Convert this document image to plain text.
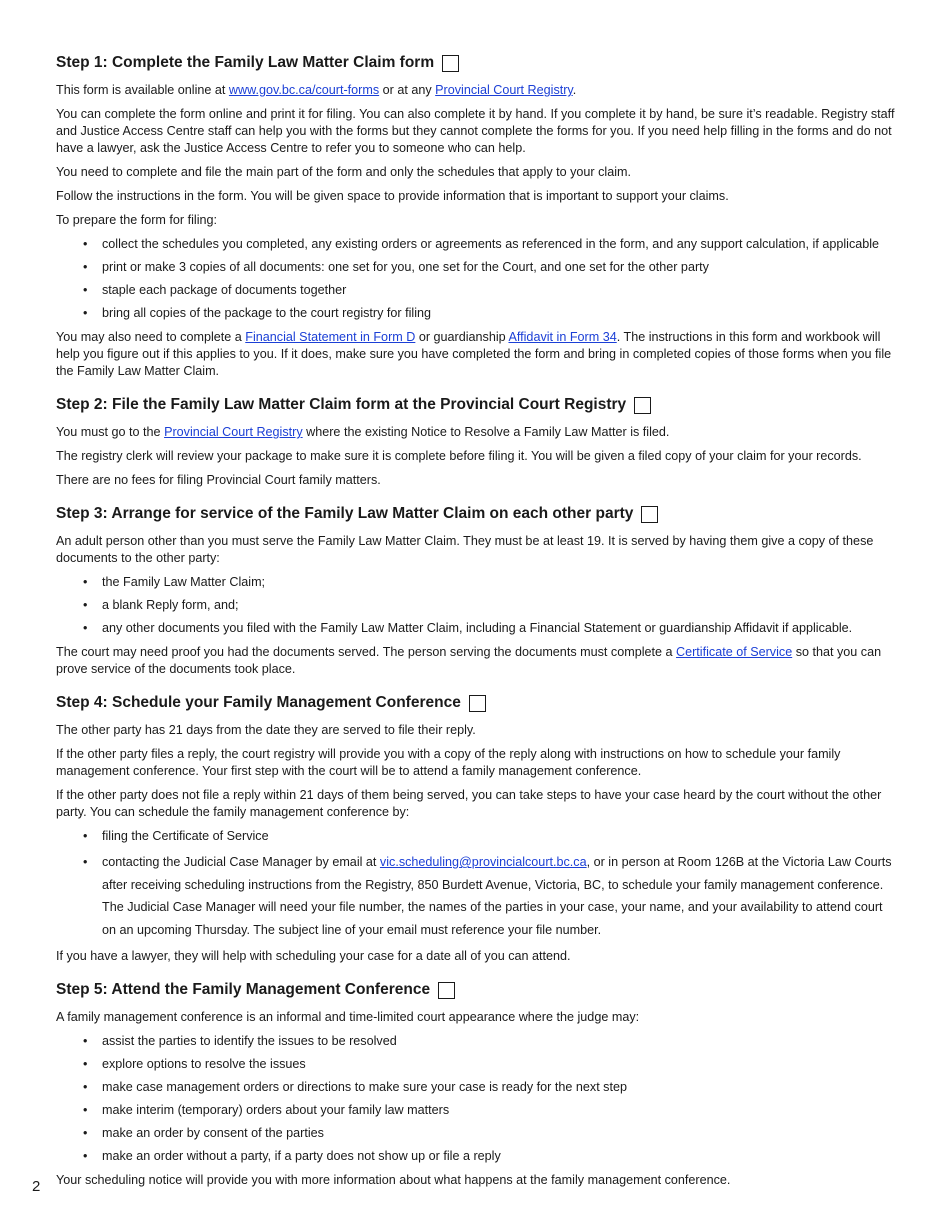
Step 1: Complete the Family Law Matter Claim form

This form is available online at www.gov.bc.ca/court-forms or at any Provincial Court Registry.

You can complete the form online and print it for filing. You can also complete it by hand. If you complete it by hand, be sure it’s readable. Registry staff and Justice Access Centre staff can help you with the forms but they cannot complete the forms for you. If you need help filling in the forms and do not have a lawyer, ask the Justice Access Centre to refer you to someone who can help.

You need to complete and file the main part of the form and only the schedules that apply to your claim.

Follow the instructions in the form. You will be given space to provide information that is important to support your claims.

To prepare the form for filing:

• collect the schedules you completed, any existing orders or agreements as referenced in the form, and any support calculation, if applicable
• print or make 3 copies of all documents: one set for you, one set for the Court, and one set for the other party
• staple each package of documents together
• bring all copies of the package to the court registry for filing

You may also need to complete a Financial Statement in Form D or guardianship Affidavit in Form 34. The instructions in this form and workbook will help you figure out if this applies to you. If it does, make sure you have completed the form and bring in completed copies of those forms when you file the Family Law Matter Claim.

Step 2: File the Family Law Matter Claim form at the Provincial Court Registry

You must go to the Provincial Court Registry where the existing Notice to Resolve a Family Law Matter is filed.

The registry clerk will review your package to make sure it is complete before filing it. You will be given a filed copy of your claim for your records.

There are no fees for filing Provincial Court family matters.

Step 3: Arrange for service of the Family Law Matter Claim on each other party

An adult person other than you must serve the Family Law Matter Claim. They must be at least 19. It is served by having them give a copy of these documents to the other party:

• the Family Law Matter Claim;
• a blank Reply form, and;
• any other documents you filed with the Family Law Matter Claim, including a Financial Statement or guardianship Affidavit if applicable.

The court may need proof you had the documents served. The person serving the documents must complete a Certificate of Service so that you can prove service of the documents took place.

Step 4: Schedule your Family Management Conference

The other party has 21 days from the date they are served to file their reply.

If the other party files a reply, the court registry will provide you with a copy of the reply along with instructions on how to schedule your family management conference. Your first step with the court will be to attend a family management conference.

If the other party does not file a reply within 21 days of them being served, you can take steps to have your case heard by the court without the other party. You can schedule the family management conference by:

• filing the Certificate of Service
• contacting the Judicial Case Manager by email at vic.scheduling@provincialcourt.bc.ca, or in person at Room 126B at the Victoria Law Courts after receiving scheduling instructions from the Registry, 850 Burdett Avenue, Victoria, BC, to schedule your family management conference. The Judicial Case Manager will need your file number, the names of the parties in your case, your name, and your availability to attend court on an upcoming Thursday. The subject line of your email must reference your file number.

If you have a lawyer, they will help with scheduling your case for a date all of you can attend.

Step 5: Attend the Family Management Conference

A family management conference is an informal and time-limited court appearance where the judge may:

• assist the parties to identify the issues to be resolved
• explore options to resolve the issues
• make case management orders or directions to make sure your case is ready for the next step
• make interim (temporary) orders about your family law matters
• make an order by consent of the parties
• make an order without a party, if a party does not show up or file a reply

Your scheduling notice will provide you with more information about what happens at the family management conference.

2
